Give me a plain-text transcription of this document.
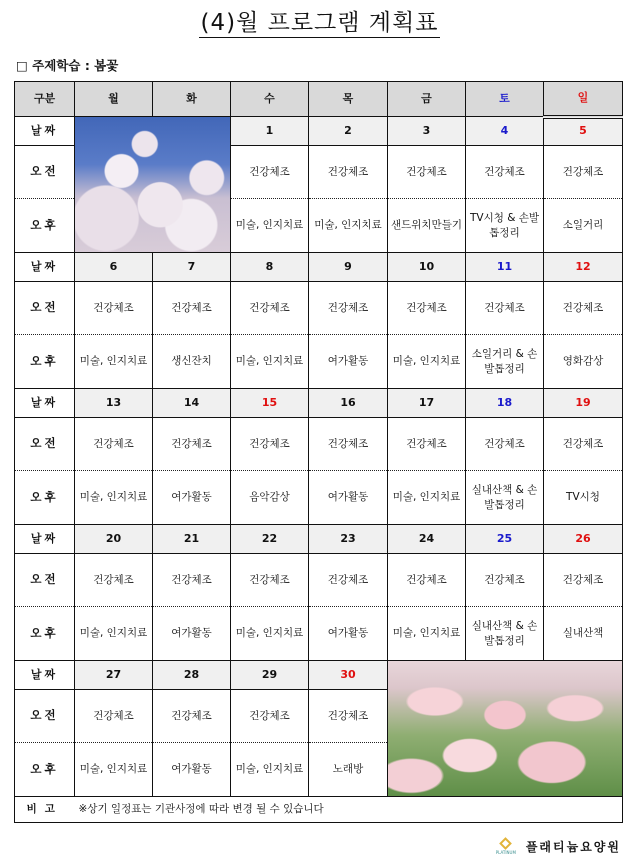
(4)월 프로그램 계획표
□ 주제학습 : 봄꽃
구분	월	화	수	목	금	토	일
날짜			1	2	3	4	5
오전			건강체조	건강체조	건강체조	건강체조	건강체조
오후			미술, 인지치료	미술, 인지치료	샌드위치만들기	TV시청 & 손발톱정리	소일거리
날짜	6	7	8	9	10	11	12
오전	건강체조	건강체조	건강체조	건강체조	건강체조	건강체조	건강체조
오후	미술, 인지치료	생신잔치	미술, 인지치료	여가활동	미술, 인지치료	소일거리 & 손발톱정리	영화감상
날짜	13	14	15	16	17	18	19
오전	건강체조	건강체조	건강체조	건강체조	건강체조	건강체조	건강체조
오후	미술, 인지치료	여가활동	음악감상	여가활동	미술, 인지치료	실내산책 & 손발톱정리	TV시청
날짜	20	21	22	23	24	25	26
오전	건강체조	건강체조	건강체조	건강체조	건강체조	건강체조	건강체조
오후	미술, 인지치료	여가활동	미술, 인지치료	여가활동	미술, 인지치료	실내산책 & 손발톱정리	실내산책
날짜	27	28	29	30			

오전	건강체조	건강체조	건강체조	건강체조			
오후	미술, 인지치료	여가활동	미술, 인지치료	노래방			
비고	※상기 일정표는 기관사정에 따라 변경 될 수 있습니다						
PLATINUM 플래티늄요양원
